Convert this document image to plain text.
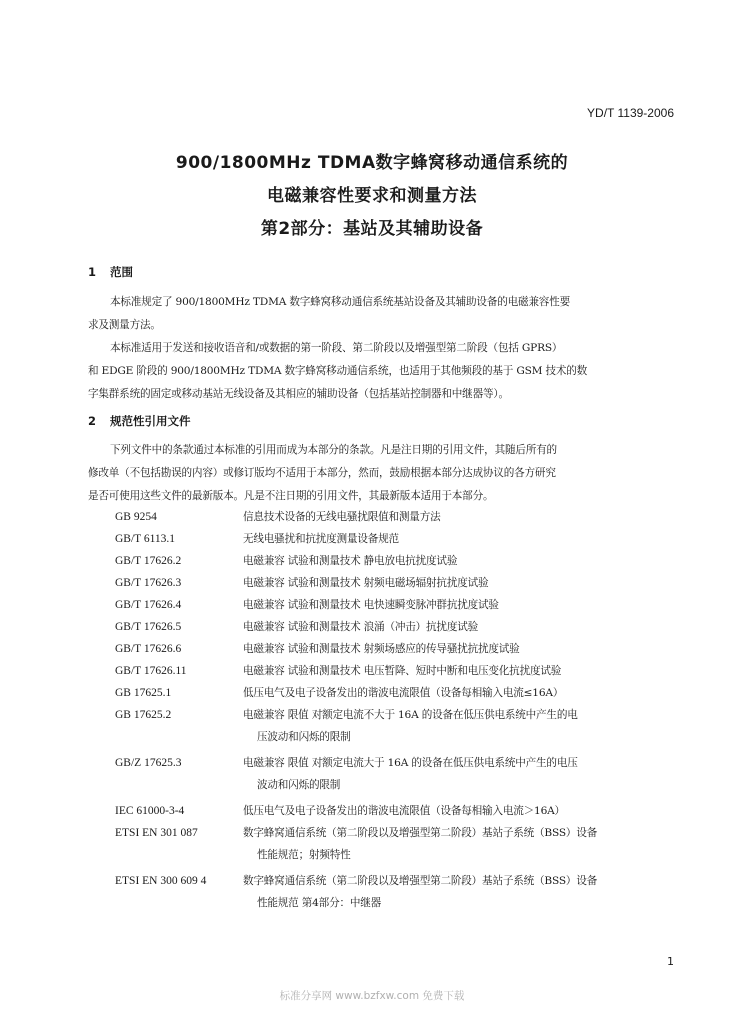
YD/T 1139-2006
900/1800MHz TDMA数字蜂窝移动通信系统的
电磁兼容性要求和测量方法
第2部分：基站及其辅助设备
1 范围
本标准规定了 900/1800MHz TDMA 数字蜂窝移动通信系统基站设备及其辅助设备的电磁兼容性要
求及测量方法。
本标准适用于发送和接收语音和/或数据的第一阶段、第二阶段以及增强型第二阶段（包括 GPRS）
和 EDGE 阶段的 900/1800MHz TDMA 数字蜂窝移动通信系统，也适用于其他频段的基于 GSM 技术的数
字集群系统的固定或移动基站无线设备及其相应的辅助设备（包括基站控制器和中继器等）。
2 规范性引用文件
下列文件中的条款通过本标准的引用而成为本部分的条款。凡是注日期的引用文件，其随后所有的
修改单（不包括勘误的内容）或修订版均不适用于本部分，然而，鼓励根据本部分达成协议的各方研究
是否可使用这些文件的最新版本。凡是不注日期的引用文件，其最新版本适用于本部分。
GB 9254	信息技术设备的无线电骚扰限值和测量方法
GB/T 6113.1	无线电骚扰和抗扰度测量设备规范
GB/T 17626.2	电磁兼容 试验和测量技术 静电放电抗扰度试验
GB/T 17626.3	电磁兼容 试验和测量技术 射频电磁场辐射抗扰度试验
GB/T 17626.4	电磁兼容 试验和测量技术 电快速瞬变脉冲群抗扰度试验
GB/T 17626.5	电磁兼容 试验和测量技术 浪涌（冲击）抗扰度试验
GB/T 17626.6	电磁兼容 试验和测量技术 射频场感应的传导骚扰抗扰度试验
GB/T 17626.11	电磁兼容 试验和测量技术 电压暂降、短时中断和电压变化抗扰度试验
GB 17625.1	低压电气及电子设备发出的谐波电流限值（设备每相输入电流≤16A）
GB 17625.2	电磁兼容 限值 对额定电流不大于 16A 的设备在低压供电系统中产生的电
压波动和闪烁的限制
GB/Z 17625.3	电磁兼容 限值 对额定电流大于 16A 的设备在低压供电系统中产生的电压
波动和闪烁的限制
IEC 61000-3-4	低压电气及电子设备发出的谐波电流限值（设备每相输入电流＞16A）
ETSI EN 301 087	数字蜂窝通信系统（第二阶段以及增强型第二阶段）基站子系统（BSS）设备
性能规范；射频特性
ETSI EN 300 609 4	数字蜂窝通信系统（第二阶段以及增强型第二阶段）基站子系统（BSS）设备
性能规范 第4部分：中继器
1
标准分享网 www.bzfxw.com 免费下载
